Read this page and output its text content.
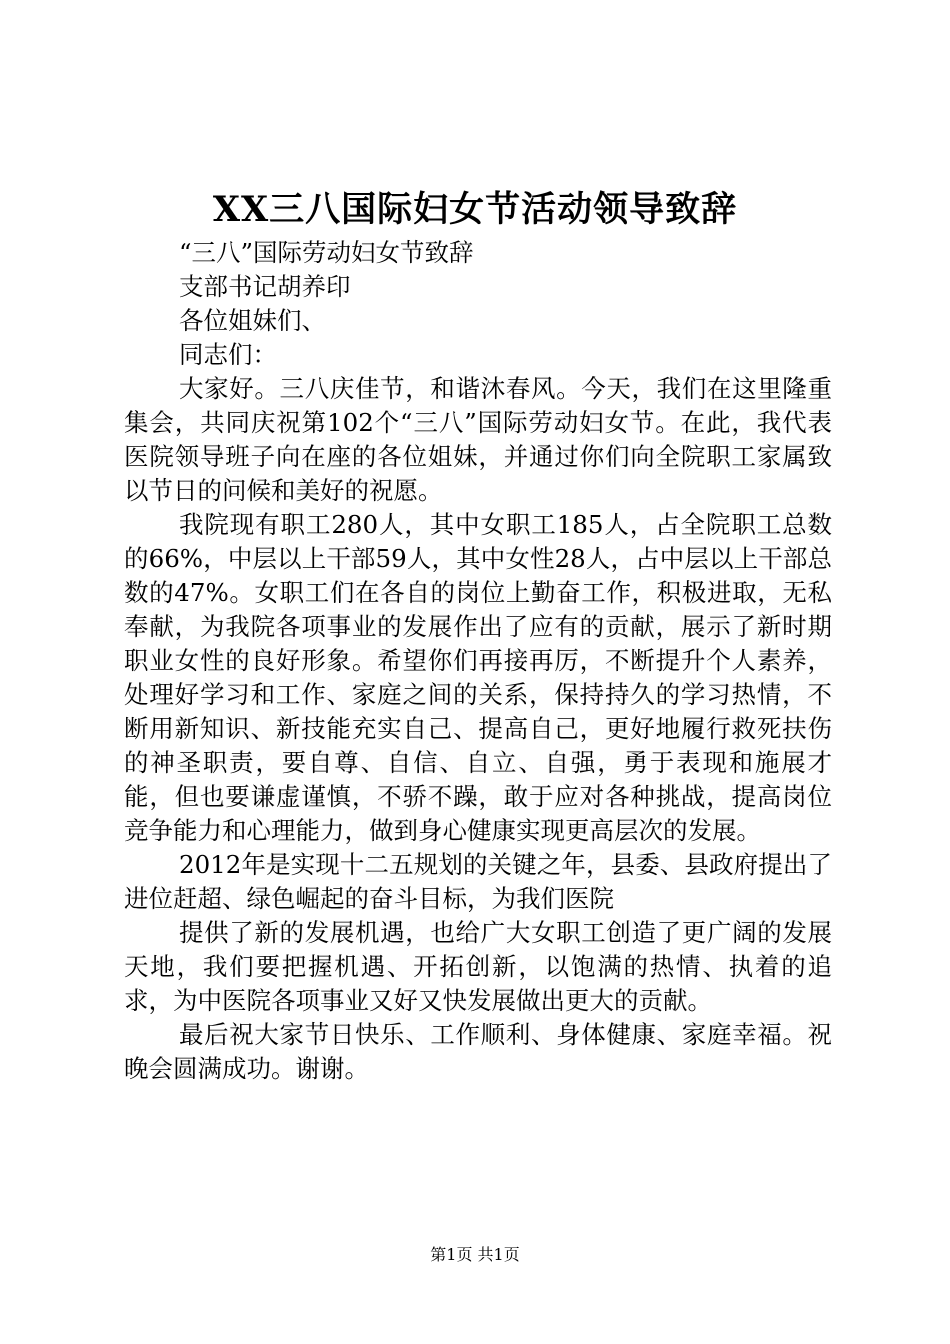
XX三八国际妇女节活动领导致辞

“三八”国际劳动妇女节致辞

支部书记胡养印

各位姐妹们、

同志们：

大家好。三八庆佳节，和谐沐春风。今天，我们在这里隆重集会，共同庆祝第102个“三八”国际劳动妇女节。在此，我代表医院领导班子向在座的各位姐妹，并通过你们向全院职工家属致以节日的问候和美好的祝愿。

我院现有职工280人，其中女职工185人，占全院职工总数的66%，中层以上干部59人，其中女性28人，占中层以上干部总数的47%。女职工们在各自的岗位上勤奋工作，积极进取，无私奉献，为我院各项事业的发展作出了应有的贡献，展示了新时期职业女性的良好形象。希望你们再接再厉，不断提升个人素养，处理好学习和工作、家庭之间的关系，保持持久的学习热情，不断用新知识、新技能充实自己、提高自己，更好地履行救死扶伤的神圣职责，要自尊、自信、自立、自强，勇于表现和施展才能，但也要谦虚谨慎，不骄不躁，敢于应对各种挑战，提高岗位竞争能力和心理能力，做到身心健康实现更高层次的发展。

2012年是实现十二五规划的关键之年，县委、县政府提出了进位赶超、绿色崛起的奋斗目标，为我们医院

提供了新的发展机遇，也给广大女职工创造了更广阔的发展天地，我们要把握机遇、开拓创新，以饱满的热情、执着的追求，为中医院各项事业又好又快发展做出更大的贡献。

最后祝大家节日快乐、工作顺利、身体健康、家庭幸福。祝晚会圆满成功。谢谢。

第1页 共1页
